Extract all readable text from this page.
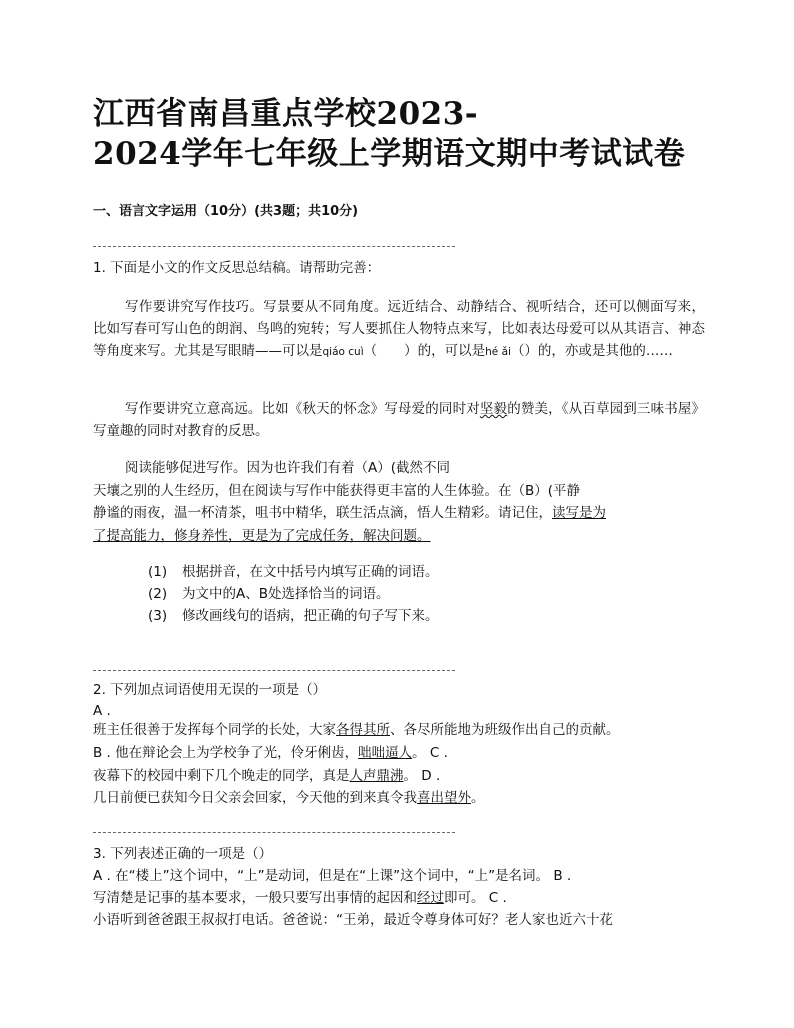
江西省南昌重点学校2023-
2024学年七年级上学期语文期中考试试卷
一、语言文字运用（10分）(共3题；共10分)
1. 下面是小文的作文反思总结稿。请帮助完善：
写作要讲究写作技巧。写景要从不同角度。远近结合、动静结合、视听结合，还可以侧面写来，比如写春可写山色的朗润、鸟鸣的宛转；写人要抓住人物特点来写，比如表达母爱可以从其语言、神态等角度来写。尤其是写眼睛——可以是qiáo cuì（　　）的，可以是hé ǎi（）的，亦或是其他的……
写作要讲究立意高远。比如《秋天的怀念》写母爱的同时对坚毅的赞美，《从百草园到三味书屋》写童趣的同时对教育的反思。
阅读能够促进写作。因为也许我们有着（A）(截然不同
天壤之别的人生经历，但在阅读与写作中能获得更丰富的人生体验。在（B）(平静
静谧的雨夜，温一杯清茶，咀书中精华，联生活点滴，悟人生精彩。请记住，读写是为
了提高能力，修身养性，更是为了完成任务，解决问题。
(1) 根据拼音，在文中括号内填写正确的词语。
(2) 为文中的A、B处选择恰当的词语。
(3) 修改画线句的语病，把正确的句子写下来。
2. 下列加点词语使用无误的一项是（）
A .
班主任很善于发挥每个同学的长处，大家各得其所、各尽所能地为班级作出自己的贡献。
B . 他在辩论会上为学校争了光，伶牙俐齿，咄咄逼人。 C .
夜幕下的校园中剩下几个晚走的同学，真是人声鼎沸。 D .
几日前便已获知今日父亲会回家，今天他的到来真令我喜出望外。
3. 下列表述正确的一项是（）
A . 在“楼上”这个词中，“上”是动词，但是在“上课”这个词中，“上”是名词。 B .
写清楚是记事的基本要求，一般只要写出事情的起因和经过即可。 C .
小语听到爸爸跟王叔叔打电话。爸爸说：“王弟，最近令尊身体可好？老人家也近六十花
